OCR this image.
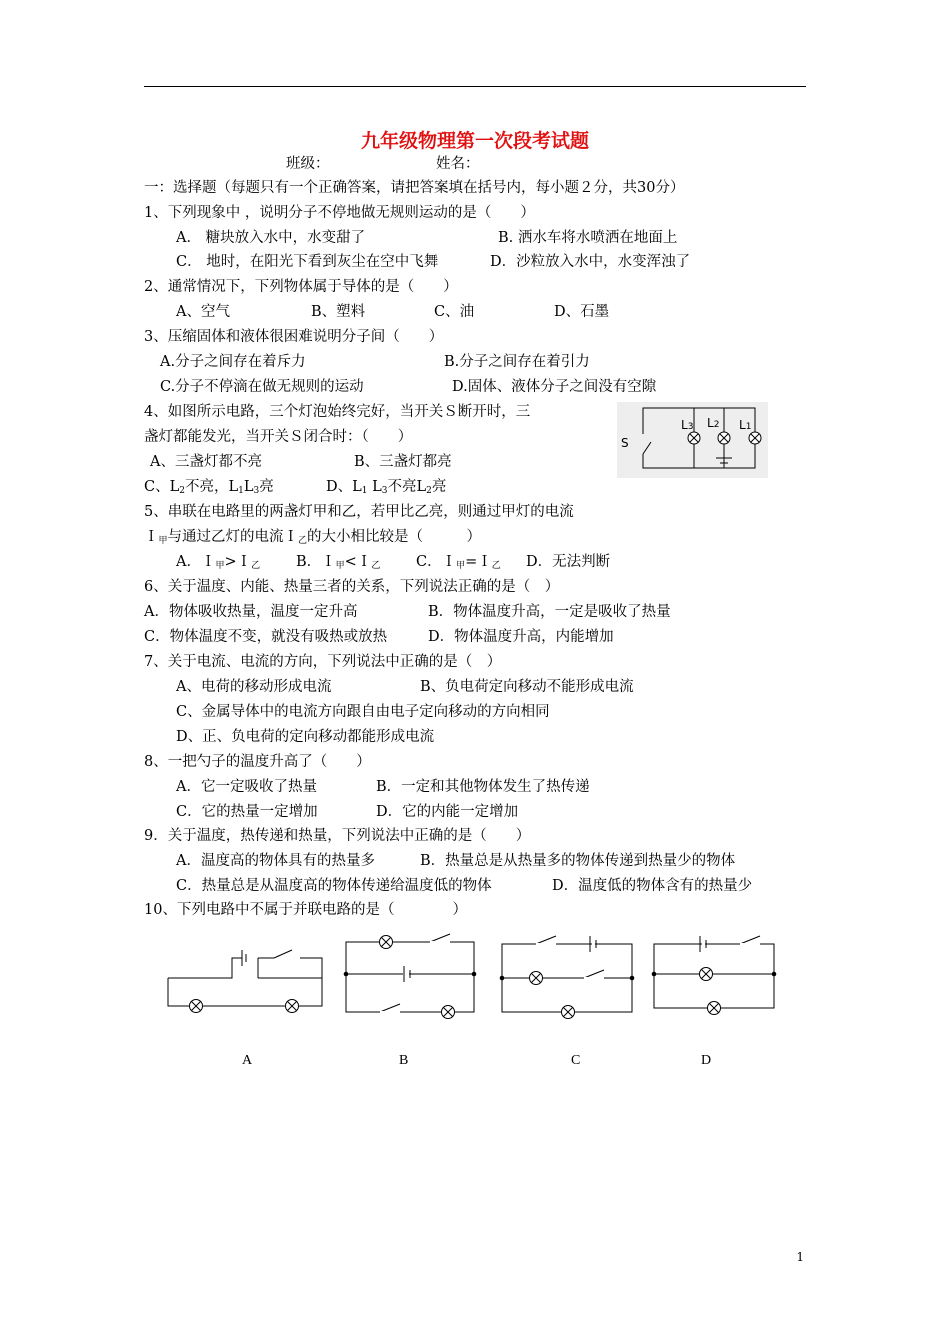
九年级物理第一次段考试题
班级：	姓名：
一：选择题（每题只有一个正确答案，请把答案填在括号内，每小题２分，共30分）
1、下列现象中 ，说明分子不停地做无规则运动的是（　　）
A． 糖块放入水中，水变甜了	B. 洒水车将水喷洒在地面上
C． 地时，在阳光下看到灰尘在空中飞舞	D．沙粒放入水中，水变浑浊了
2、通常情况下，下列物体属于导体的是（　　）
A、空气	B、塑料	C、油	D、石墨
3、压缩固体和液体很困难说明分子间（　　）
A.分子之间存在着斥力	B.分子之间存在着引力
C.分子不停滴在做无规则的运动	D.固体、液体分子之间没有空隙
4、如图所示电路，三个灯泡始终完好，当开关Ｓ断开时，三
盏灯都能发光，当开关Ｓ闭合时：（　　）
A、三盏灯都不亮	B、三盏灯都亮
C、$L_2$不亮，$L_1L_3$亮	D、$L_1$ $L_3$不亮$L_2$亮
S
L3 L2 L1
5、串联在电路里的两盏灯甲和乙，若甲比乙亮，则通过甲灯的电流
Ｉ$_甲$与通过乙灯的电流Ｉ$_乙$的大小相比较是（　　　）
A．Ｉ$_甲$>Ｉ$_乙$ B．Ｉ$_甲$<Ｉ$_乙$ C．Ｉ$_甲$=Ｉ$_乙$ D．无法判断
6、关于温度、内能、热量三者的关系，下列说法正确的是（　）
A．物体吸收热量，温度一定升高	B．物体温度升高，一定是吸收了热量
C．物体温度不变，就没有吸热或放热	D．物体温度升高，内能增加
7、关于电流、电流的方向，下列说法中正确的是（　）
A、电荷的移动形成电流	B、负电荷定向移动不能形成电流
C、金属导体中的电流方向跟自由电子定向移动的方向相同
D、正、负电荷的定向移动都能形成电流
8、一把勺子的温度升高了（　　）
A．它一定吸收了热量	B．一定和其他物体发生了热传递
C．它的热量一定增加	D．它的内能一定增加
9．关于温度，热传递和热量，下列说法中正确的是（　　）
A．温度高的物体具有的热量多	B．热量总是从热量多的物体传递到热量少的物体
C．热量总是从温度高的物体传递给温度低的物体	D．温度低的物体含有的热量少
10、下列电路中不属于并联电路的是（　　　　）
A	B	C	D
1
